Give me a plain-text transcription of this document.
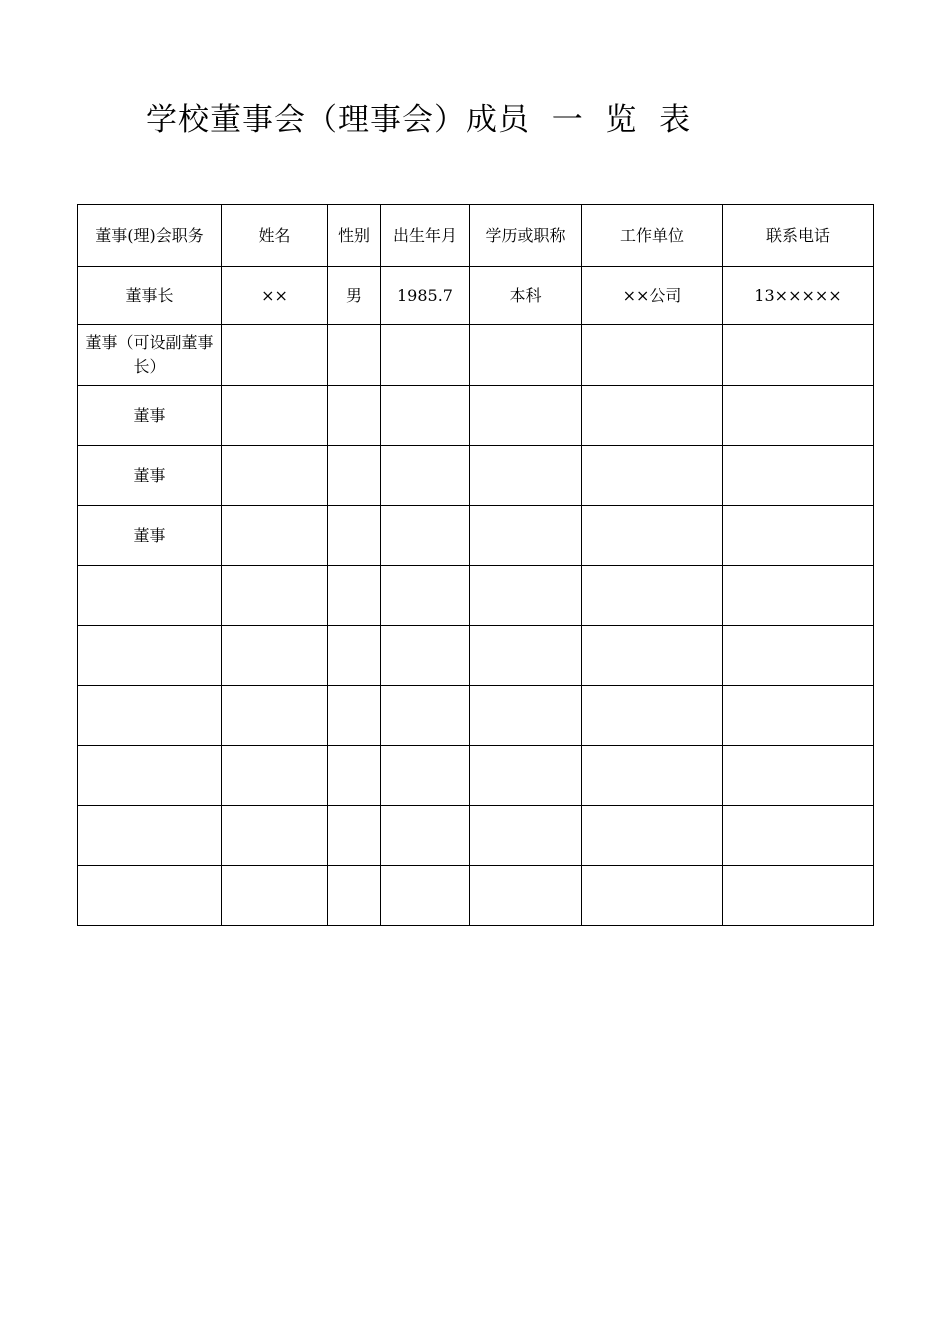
学校董事会（理事会）成员  一  览  表
董事(理)会职务	姓名	性别	出生年月	学历或职称	工作单位	联系电话
董事长	××	男	1985.7	本科	××公司	13×××××
董事（可设副董事长）						
董事						
董事						
董事						
